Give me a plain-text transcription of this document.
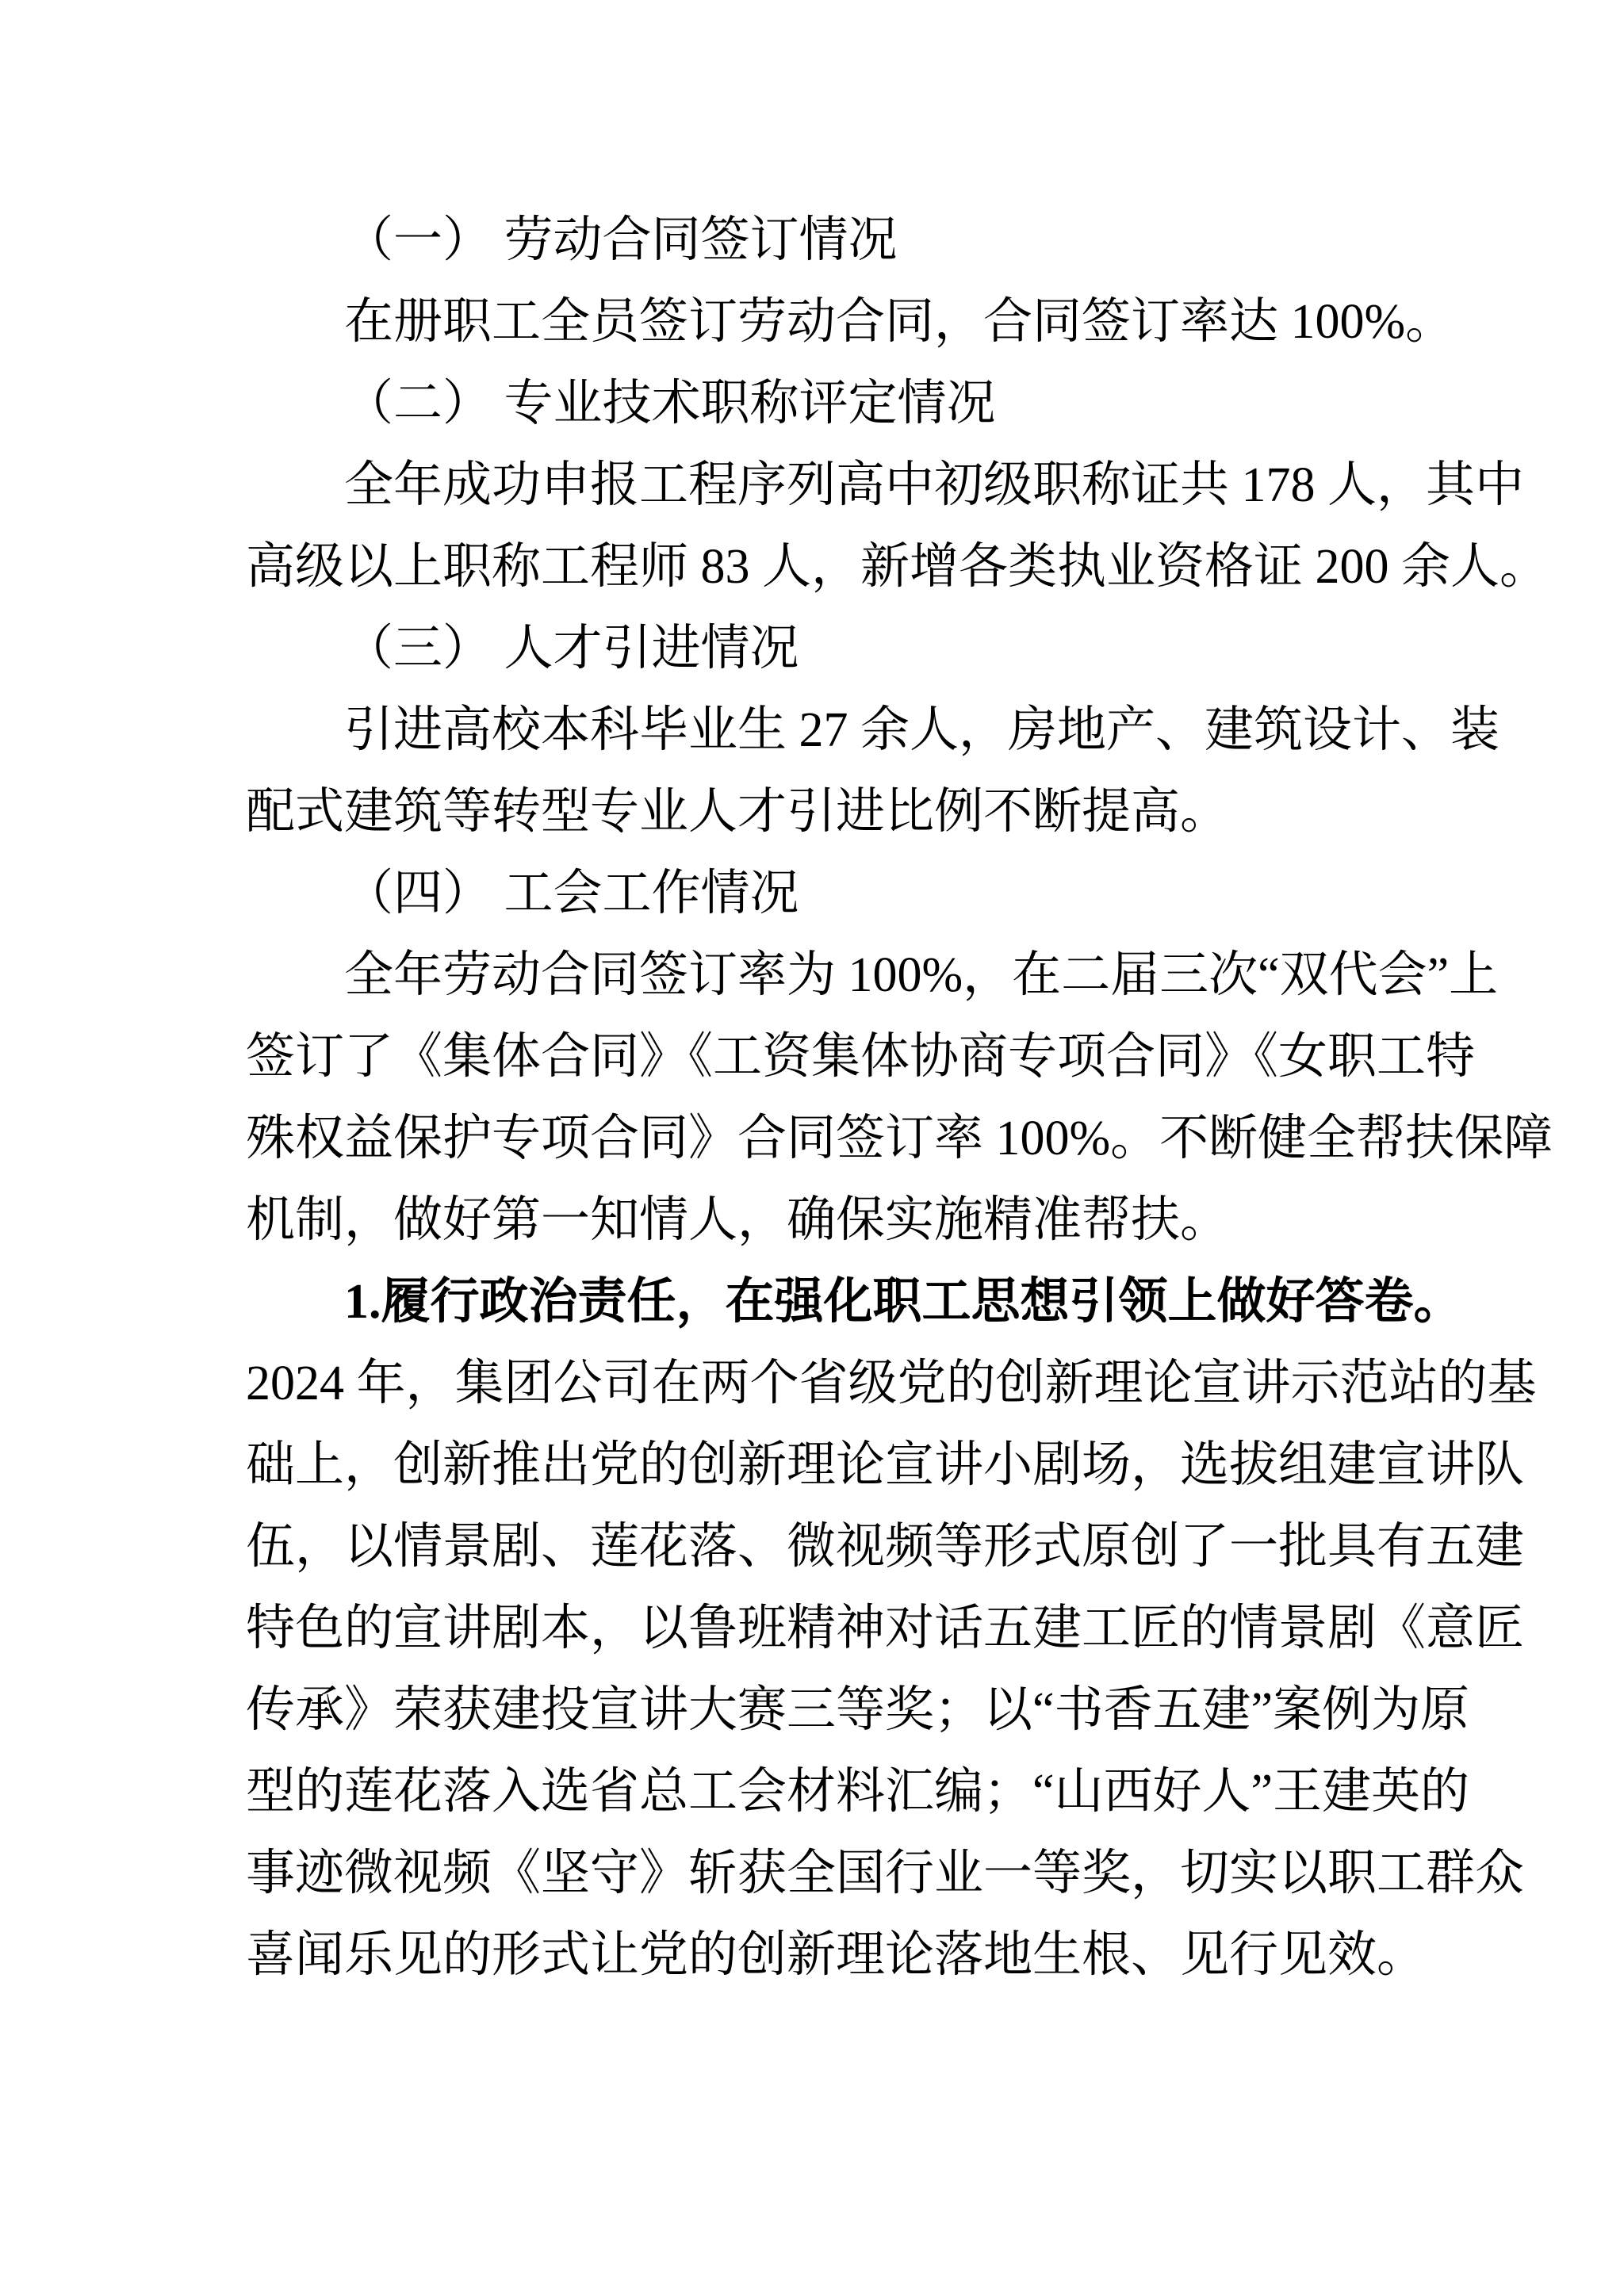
（一） 劳动合同签订情况
在册职工全员签订劳动合同，合同签订率达 100%。
（二） 专业技术职称评定情况
全年成功申报工程序列高中初级职称证共 178 人，其中
高级以上职称工程师 83 人，新增各类执业资格证 200 余人。
（三） 人才引进情况
引进高校本科毕业生 27 余人，房地产、建筑设计、装
配式建筑等转型专业人才引进比例不断提高。
（四） 工会工作情况
全年劳动合同签订率为 100%，在二届三次“双代会”上
签订了《集体合同》《工资集体协商专项合同》《女职工特
殊权益保护专项合同》合同签订率 100%。不断健全帮扶保障
机制，做好第一知情人，确保实施精准帮扶。
1.履行政治责任，在强化职工思想引领上做好答卷。
2024 年，集团公司在两个省级党的创新理论宣讲示范站的基
础上，创新推出党的创新理论宣讲小剧场，选拔组建宣讲队
伍，以情景剧、莲花落、微视频等形式原创了一批具有五建
特色的宣讲剧本，以鲁班精神对话五建工匠的情景剧《意匠
传承》荣获建投宣讲大赛三等奖；以“书香五建”案例为原
型的莲花落入选省总工会材料汇编；“山西好人”王建英的
事迹微视频《坚守》斩获全国行业一等奖，切实以职工群众
喜闻乐见的形式让党的创新理论落地生根、见行见效。
